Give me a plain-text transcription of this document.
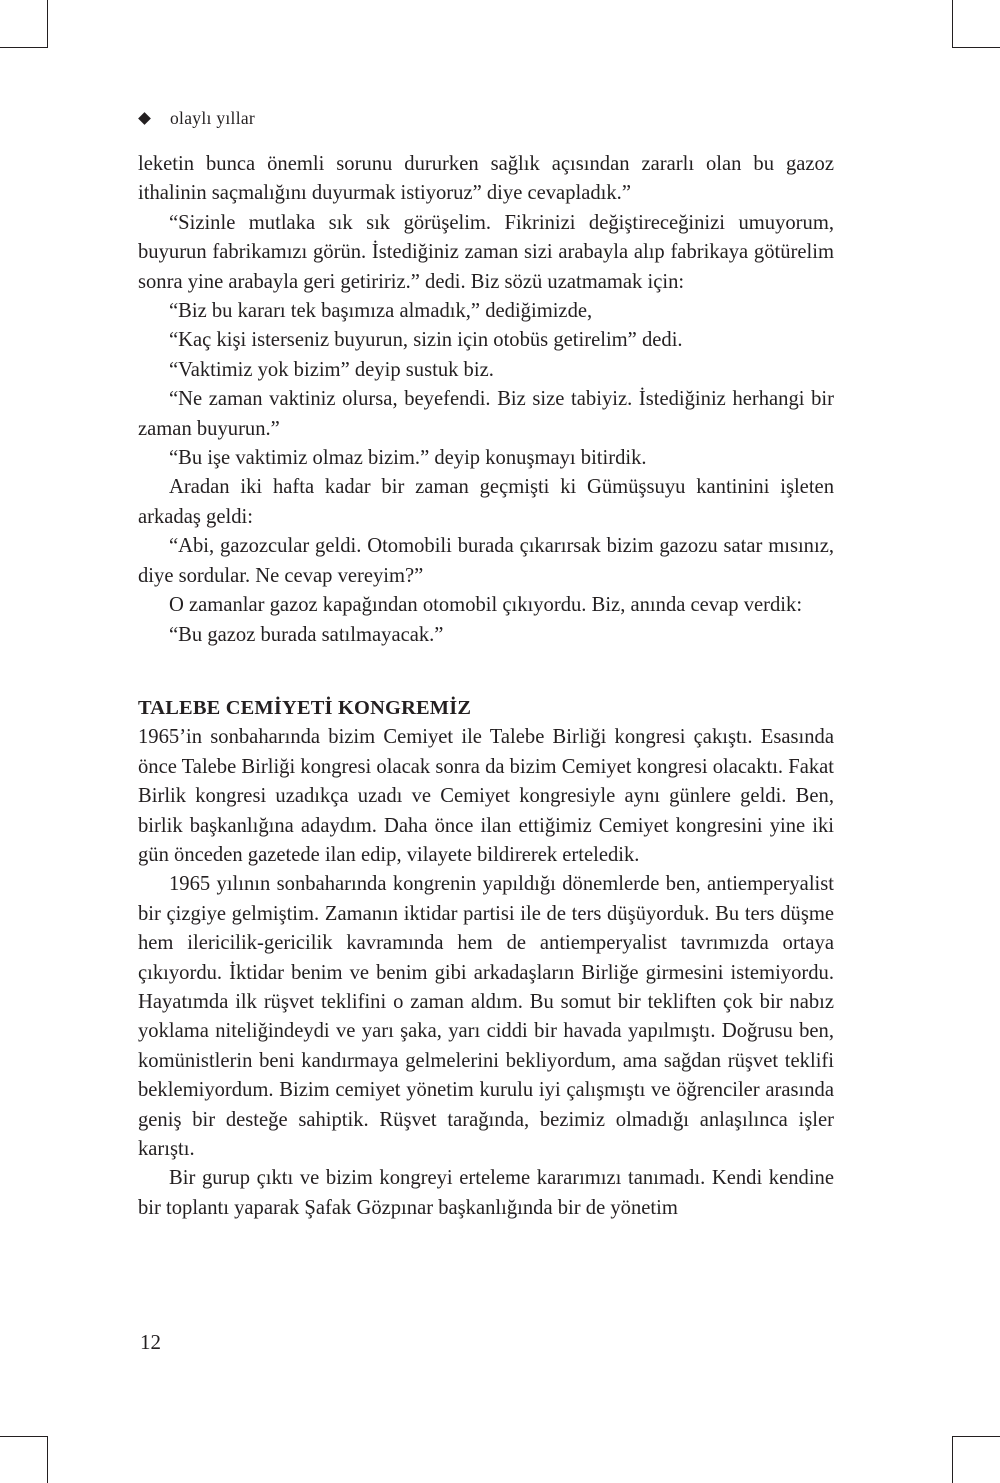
olaylı yıllar

leketin bunca önemli sorunu dururken sağlık açısından zararlı olan bu gazoz ithalinin saçmalığını duyurmak istiyoruz” diye cevapladık.”

“Sizinle mutlaka sık sık görüşelim. Fikrinizi değiştireceğinizi umuyorum, buyurun fabrikamızı görün. İstediğiniz zaman sizi arabayla alıp fabrikaya götürelim sonra yine arabayla geri getiririz.” dedi. Biz sözü uzatmamak için:

“Biz bu kararı tek başımıza almadık,” dediğimizde,

“Kaç kişi isterseniz buyurun, sizin için otobüs getirelim” dedi.

“Vaktimiz yok bizim” deyip sustuk biz.

“Ne zaman vaktiniz olursa, beyefendi. Biz size tabiyiz. İstediğiniz herhangi bir zaman buyurun.”

“Bu işe vaktimiz olmaz bizim.” deyip konuşmayı bitirdik.

Aradan iki hafta kadar bir zaman geçmişti ki Gümüşsuyu kantinini işleten arkadaş geldi:

“Abi, gazozcular geldi. Otomobili burada çıkarırsak bizim gazozu satar mısınız, diye sordular. Ne cevap vereyim?”

O zamanlar gazoz kapağından otomobil çıkıyordu. Biz, anında cevap verdik:

“Bu gazoz burada satılmayacak.”

TALEBE CEMİYETİ KONGREMİZ

1965’in sonbaharında bizim Cemiyet ile Talebe Birliği kongresi çakıştı. Esasında önce Talebe Birliği kongresi olacak sonra da bizim Cemiyet kongresi olacaktı. Fakat Birlik kongresi uzadıkça uzadı ve Cemiyet kongresiyle aynı günlere geldi. Ben, birlik başkanlığına adaydım. Daha önce ilan ettiğimiz Cemiyet kongresini yine iki gün önceden gazetede ilan edip, vilayete bildirerek erteledik.

1965 yılının sonbaharında kongrenin yapıldığı dönemlerde ben, antiemperyalist bir çizgiye gelmiştim. Zamanın iktidar partisi ile de ters düşüyorduk. Bu ters düşme hem ilericilik-gericilik kavramında hem de antiemperyalist tavrımızda ortaya çıkıyordu. İktidar benim ve benim gibi arkadaşların Birliğe girmesini istemiyordu. Hayatımda ilk rüşvet teklifini o zaman aldım. Bu somut bir tekliften çok bir nabız yoklama niteliğindeydi ve yarı şaka, yarı ciddi bir havada yapılmıştı. Doğrusu ben, komünistlerin beni kandırmaya gelmelerini bekliyordum, ama sağdan rüşvet teklifi beklemiyordum. Bizim cemiyet yönetim kurulu iyi çalışmıştı ve öğrenciler arasında geniş bir desteğe sahiptik. Rüşvet tarağında, bezimiz olmadığı anlaşılınca işler karıştı.

Bir gurup çıktı ve bizim kongreyi erteleme kararımızı tanımadı. Kendi kendine bir toplantı yaparak Şafak Gözpınar başkanlığında bir de yönetim

12
